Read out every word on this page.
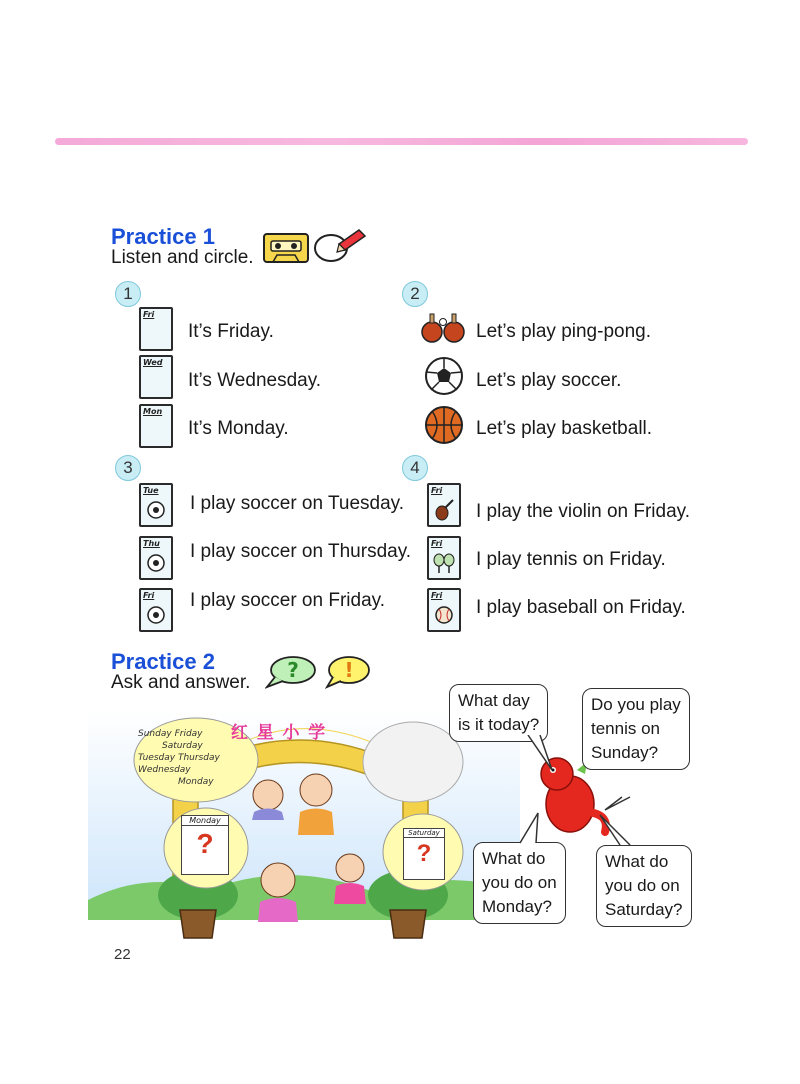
Practice 1
Listen and circle.
1
Fri
It’s Friday.
Wed
It’s Wednesday.
Mon
It’s Monday.
2
Let’s play ping-pong.
Let’s play soccer.
Let’s play basketball.
3
Tue
I play soccer on Tuesday.
Thu I play soccer on Thursday.
Fri I play soccer on Friday.
4
Fri
I play the violin on Friday.
Fri
I play tennis on Friday.
Fri
I play baseball on Friday.
Practice 2
Ask and answer.
? !
红 星 小 学
Sunday Friday
Saturday
Tuesday Thursday
Wednesday
Monday
Monday
?	Saturday
?
What day
is it today?
Do you play
tennis on
Sunday?
What do
you do on
Monday?
What do
you do on
Saturday?
22
